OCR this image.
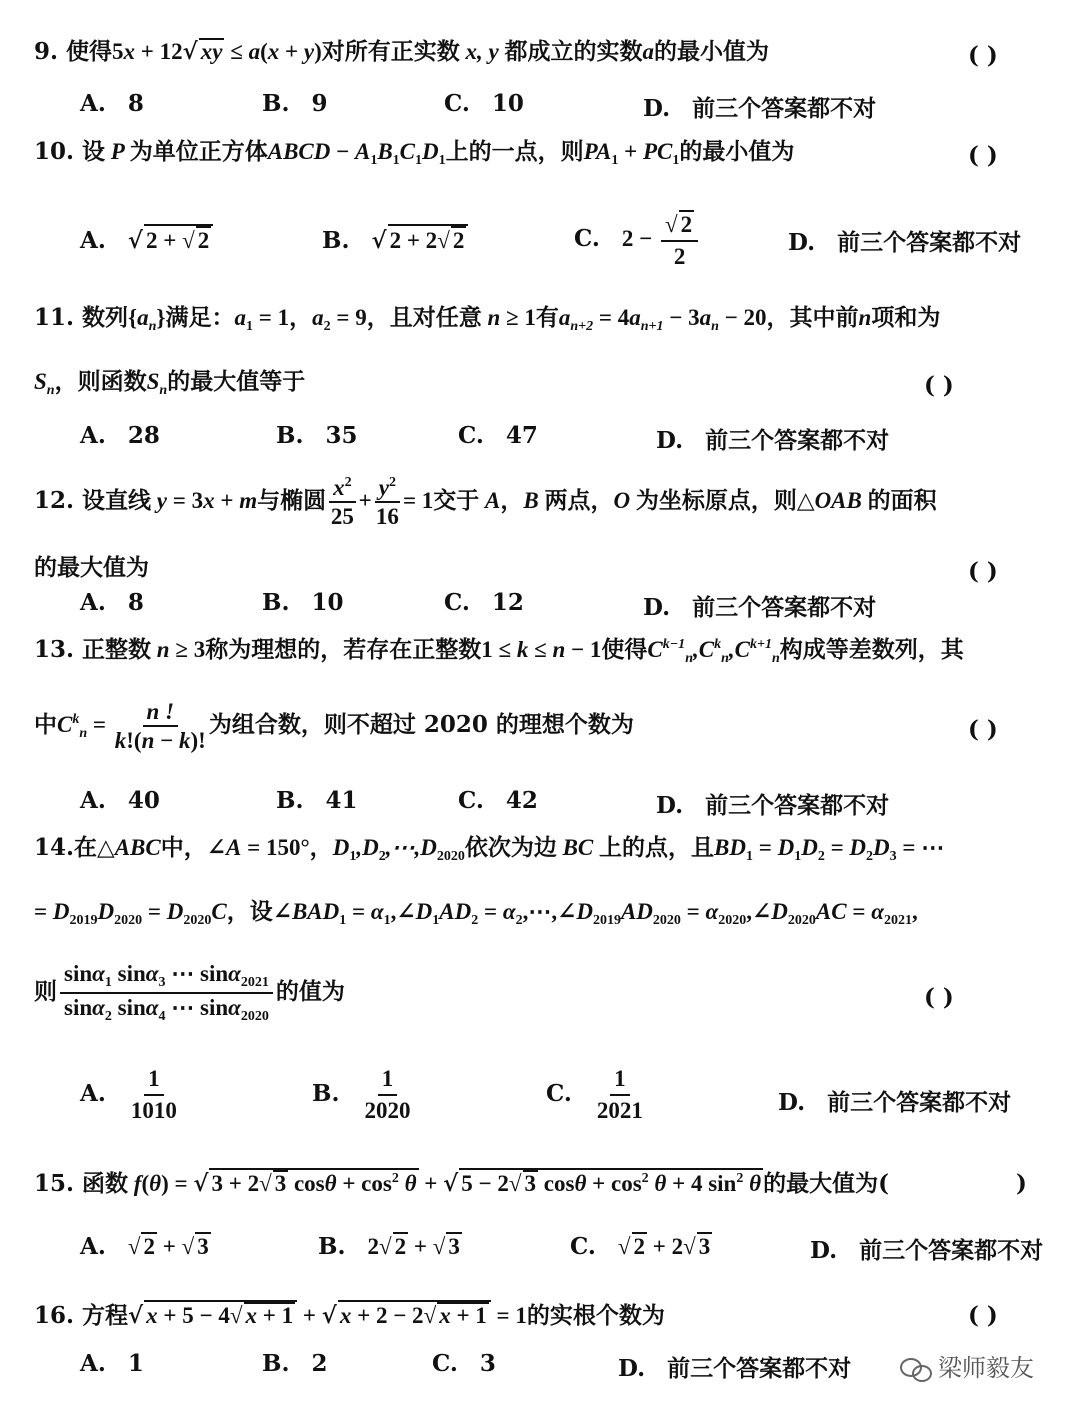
9. 使得5x + 12√ xy ≤ a(x + y)对所有正实数 x, y 都成立的实数a的最小值为	( )
A. 8	B. 9	C. 10	D. 前三个答案都不对
10. 设 P 为单位正方体ABCD − $A_1B_1C_1D_1$上的一点，则$PA_1 + PC_1$的最小值为	( )
A. √ 2 + √ 2	B. √ 2 + 2√ 2	C. $2 - \frac{√ 2}{2}$	D. 前三个答案都不对
11. 数列$\{a_n\}$满足：$a_1 = 1$，$a_2 = 9$，且对任意 n ≥ 1有$a_{n+2} = 4a_{n+1} - 3a_n - 20$，其中前n项和为
$S_n$，则函数$S_n$的最大值等于	( )
A. 28	B. 35	C. 47	D. 前三个答案都不对
12. 设直线 y = 3x + m与椭圆 $\frac{x^2}{25} + \frac{y^2}{16} = 1$交于 A，B 两点，O 为坐标原点，则△OAB 的面积
的最大值为	( )
A. 8	B. 10	C. 12	D. 前三个答案都不对
13. 正整数 n ≥ 3称为理想的，若存在正整数1 ≤ k ≤ n − 1使得$C^{k-1}_n,C^k_n,C^{k+1}_n$构成等差数列，其
中$C^k_n = \frac{n !}{k!(n - k)!}$ 为组合数，则不超过 2020 的理想个数为	( )
A. 40	B. 41	C. 42	D. 前三个答案都不对
14.在△ABC中，∠A = 150°，$D_1,D_2,\cdots,D_{2020}$依次为边 BC 上的点，且$BD_1 = D_1D_2 = D_2D_3$ = ⋯
= $D_{2019}D_{2020} = D_{2020}C$，设$\angle BAD_1$ = $\alpha_1,\angle D_1AD_2$ = $\alpha_2,\cdots,\angle D_{2019}AD_{2020}$ = $\alpha_{2020},\angle D_{2020}AC = \alpha_{2021}$,
则 $\frac{\sin\alpha_1 \sin\alpha_3 \cdots \sin\alpha_{2021}}{\sin\alpha_2 \sin\alpha_4 \cdots \sin\alpha_{2020}}$ 的值为	( )
A. $\frac{1}{1010}$	B. $\frac{1}{2020}$	C. $\frac{1}{2021}$	D. 前三个答案都不对
15. 函数 f(θ) = √ 3 + 2√ 3 $\cos\theta + \cos^2 \theta$ + √ 5 − 2√ 3 $\cos\theta + \cos^2 \theta + 4$ $\sin^2 \theta$的最大值为(	)
A. √ 2 + √ 3	B. 2√ 2 + √ 3	C. √ 2 + 2√ 3	D. 前三个答案都不对
16. 方程√ x + 5 − 4√ x + 1 + √ x + 2 − 2√ x + 1 = 1的实根个数为	( )
A. 1	B. 2	C. 3	D. 前三个答案都不对	梁师毅友
